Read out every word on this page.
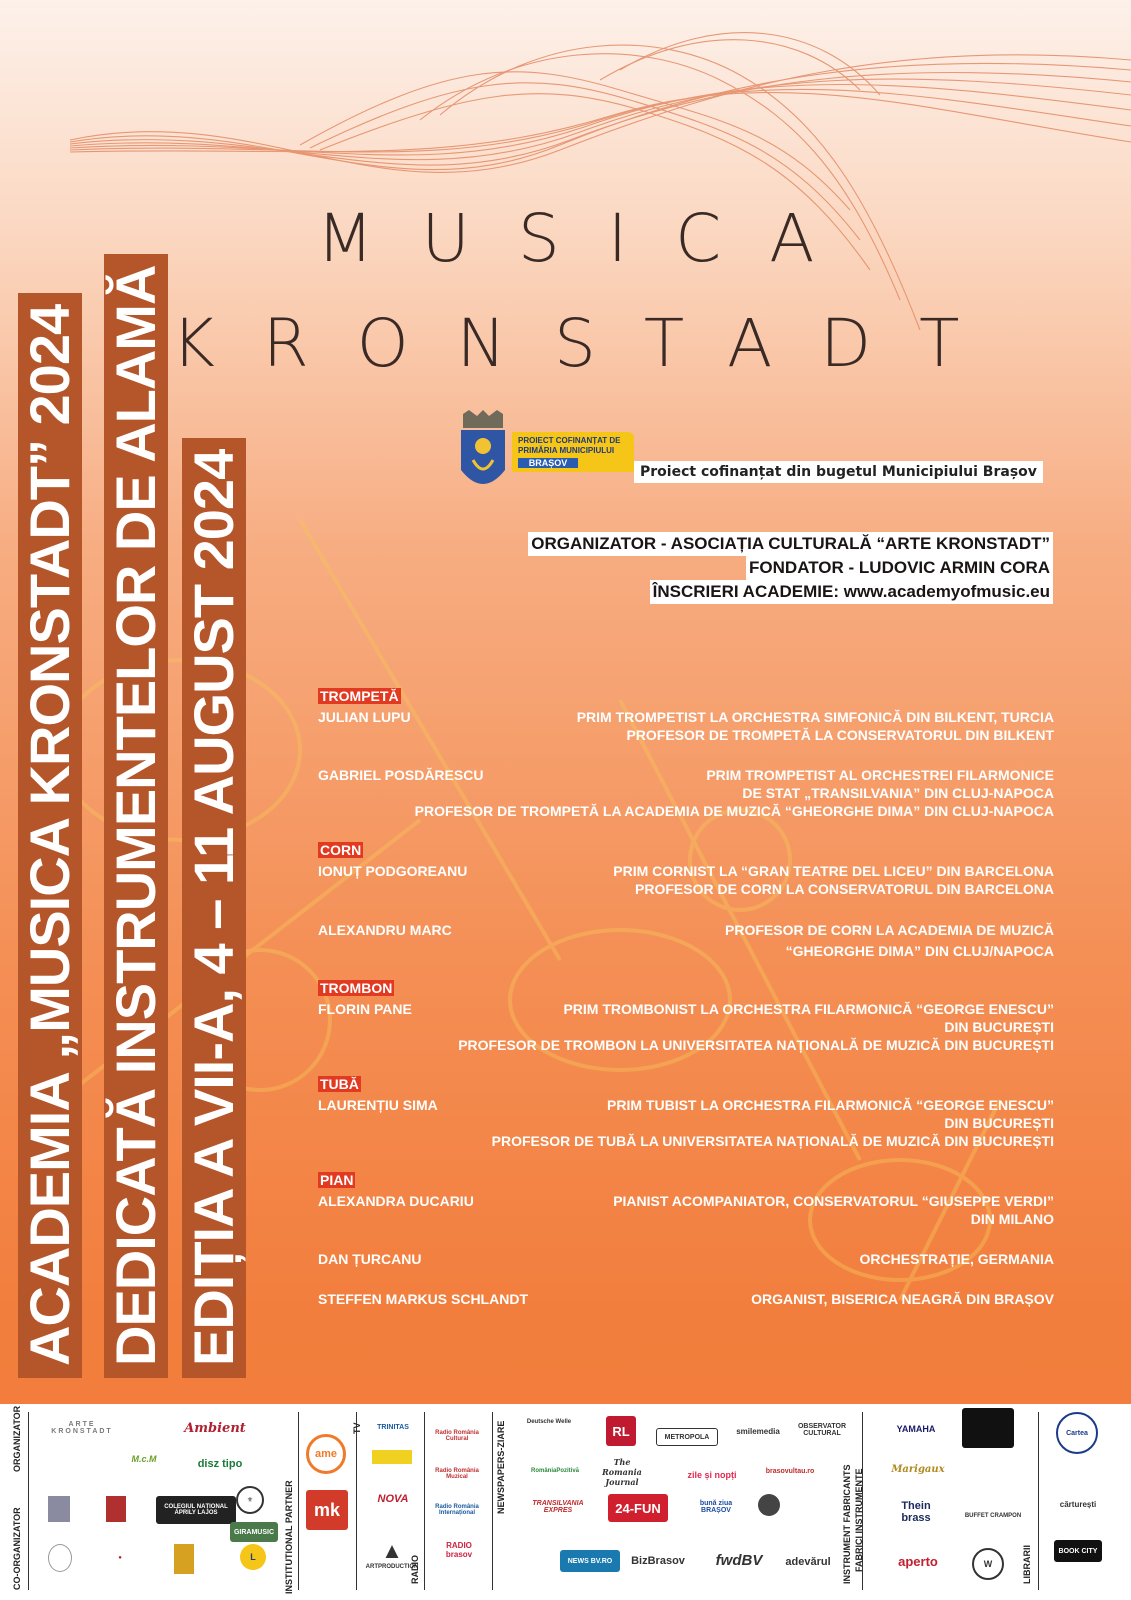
MUSICA
KRONSTADT
ACADEMIA „MUSICA KRONSTADT” 2024 DEDICATĂ INSTRUMENTELOR DE ALAMĂ EDIȚIA A VII-A, 4 – 11 AUGUST 2024
PROIECT COFINANȚAT DE
PRIMĂRIA MUNICIPIULUI
BRAȘOV
Proiect cofinanțat din bugetul Municipiului Brașov
ORGANIZATOR - ASOCIAȚIA CULTURALĂ “ARTE KRONSTADT”
FONDATOR - LUDOVIC ARMIN CORA
ÎNSCRIERI ACADEMIE: www.academyofmusic.eu
TROMPETĂ
JULIAN LUPU	PRIM TROMPETIST LA ORCHESTRA SIMFONICĂ DIN BILKENT, TURCIA
PROFESOR DE TROMPETĂ LA CONSERVATORUL DIN BILKENT
GABRIEL POSDĂRESCU	PRIM TROMPETIST AL ORCHESTREI FILARMONICE
DE STAT „TRANSILVANIA” DIN CLUJ-NAPOCA
PROFESOR DE TROMPETĂ LA ACADEMIA DE MUZICĂ “GHEORGHE DIMA” DIN CLUJ-NAPOCA
CORN
IONUȚ PODGOREANU	PRIM CORNIST LA “GRAN TEATRE DEL LICEU” DIN BARCELONA
PROFESOR DE CORN LA CONSERVATORUL DIN BARCELONA
ALEXANDRU MARC	PROFESOR DE CORN LA ACADEMIA DE MUZICĂ
“GHEORGHE DIMA” DIN CLUJ/NAPOCA
TROMBON
FLORIN PANE	PRIM TROMBONIST LA ORCHESTRA FILARMONICĂ “GEORGE ENESCU”
DIN BUCUREȘTI
PROFESOR DE TROMBON LA UNIVERSITATEA NAȚIONALĂ DE MUZICĂ DIN BUCUREȘTI
TUBĂ
LAURENȚIU SIMA	PRIM TUBIST LA ORCHESTRA FILARMONICĂ “GEORGE ENESCU”
DIN BUCUREȘTI
PROFESOR DE TUBĂ LA UNIVERSITATEA NAȚIONALĂ DE MUZICĂ DIN BUCUREȘTI
PIAN
ALEXANDRA DUCARIU	PIANIST ACOMPANIATOR, CONSERVATORUL “GIUSEPPE VERDI”
DIN MILANO
DAN ȚURCANU	ORCHESTRAȚIE, GERMANIA
STEFFEN MARKUS SCHLANDT	ORGANIST, BISERICA NEAGRĂ DIN BRAȘOV
ORGANIZATOR
CO-ORGANIZATOR
ARTE KRONSTADT	Ambient
M.c.M	disz tipo
COLEGIUL NAȚIONAL ÁPRILY LAJOS
⚜
GIRAMUSIC
●	L	INSTITUTIONAL PARTNER
ame
mk
TV	TRINITAS
NOVA
▲
ARTPRODUCTION
RADIO
Radio România Cultural
Radio România Muzical
Radio România Internațional
RADIO brasov
NEWSPAPERS-ZIARE	Deutsche Welle
RL	METROPOLA
smilemedia	OBSERVATOR CULTURAL
RomâniaPozitivă
The Romania Journal
zile și nopți	brasovultau.ro
TRANSILVANIA EXPRES	24-FUN	bună ziua BRAȘOV
NEWS BV.RO	BizBrasov	fwdBV	adevărul	INSTRUMENT FABRICANTS FABRICI INSTRUMENTE
YAMAHA
Marigaux
Thein brass	BUFFET CRAMPON
aperto	W	LIBRARII
Cartea
cărturești
BOOK CITY
